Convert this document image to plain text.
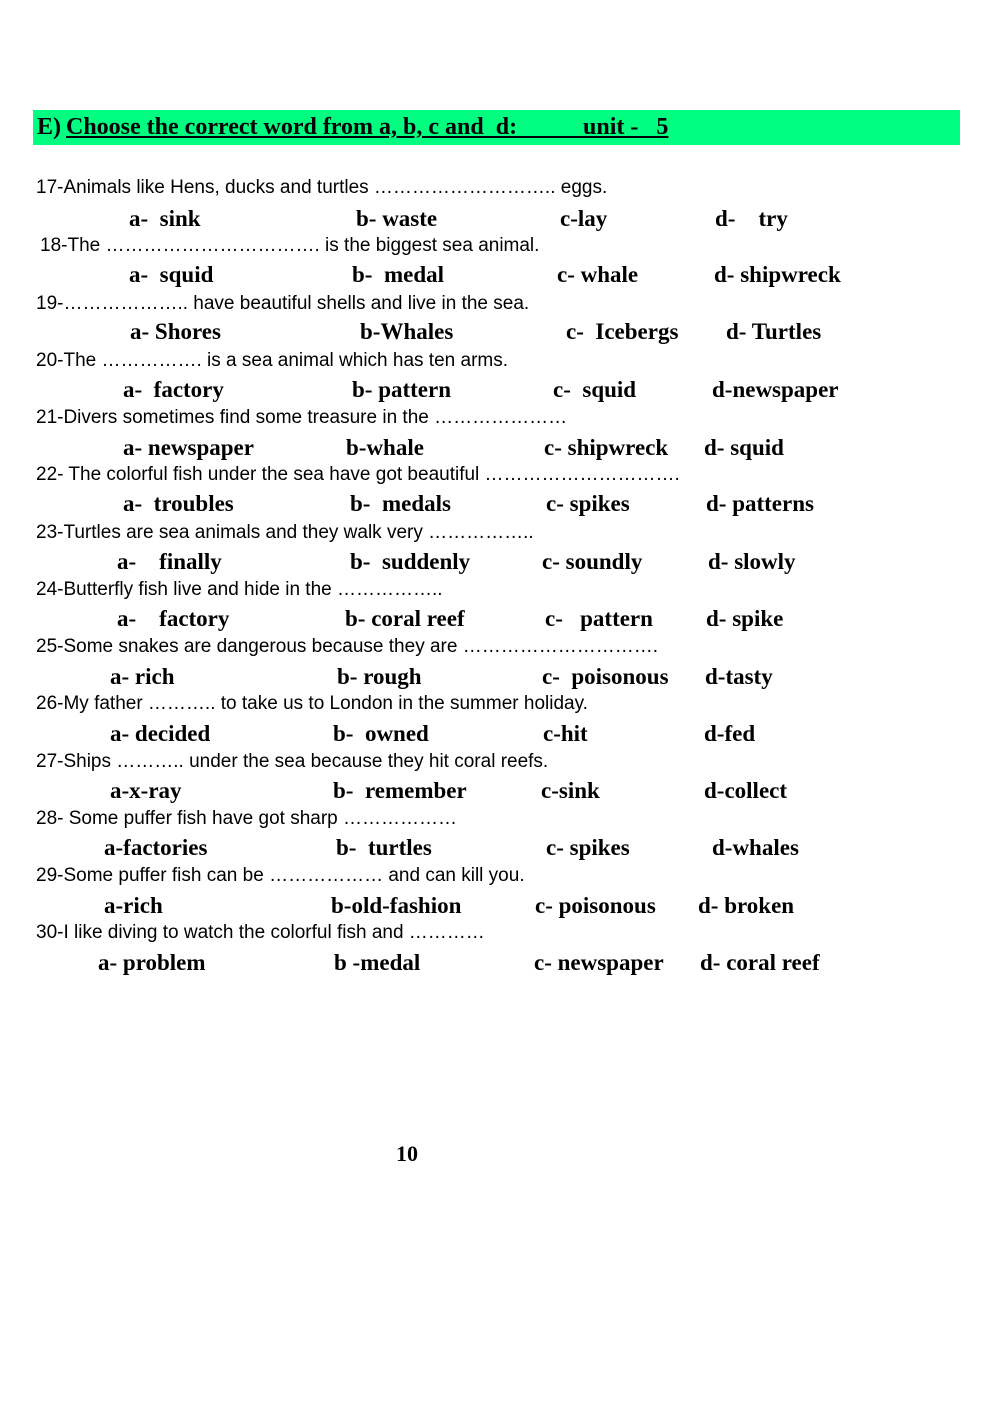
E) Choose the correct word from a, b, c and  d:           unit -   5
17-Animals like Hens, ducks and turtles ……………………….. eggs.
a-  sink	b- waste	c-lay	d-    try
18-The ……………………………. is the biggest sea animal.
a-  squid	b-  medal	c- whale	d- shipwreck
19-……………….. have beautiful shells and live in the sea.
a- Shores	b-Whales	c-  Icebergs d- Turtles
20-The ……………. is a sea animal which has ten arms.
a-  factory	b- pattern	c-  squid	d-newspaper
21-Divers sometimes find some treasure in the …………………
a- newspaper	b-whale	c- shipwreck d- squid
22- The colorful fish under the sea have got beautiful ………………………….
a-  troubles	b-  medals	c- spikes	d- patterns
23-Turtles are sea animals and they walk very ……………..
a-    finally	b-  suddenly	c- soundly	d- slowly
24-Butterfly fish live and hide in the ……………..
a-    factory	b- coral reef	c-   pattern d- spike
25-Some snakes are dangerous because they are ………………………….
a- rich	b- rough	c-  poisonous d-tasty
26-My father ……….. to take us to London in the summer holiday.
a- decided	b-  owned	c-hit	d-fed
27-Ships ……….. under the sea because they hit coral reefs.
a-x-ray	b-  remember	c-sink	d-collect
28- Some puffer fish have got sharp ………………
a-factories	b-  turtles	c- spikes	d-whales
29-Some puffer fish can be ……………… and can kill you.
a-rich	b-old-fashion	c- poisonous d- broken
30-I like diving to watch the colorful fish and …………
a- problem	b -medal	c- newspaper d- coral reef
10
